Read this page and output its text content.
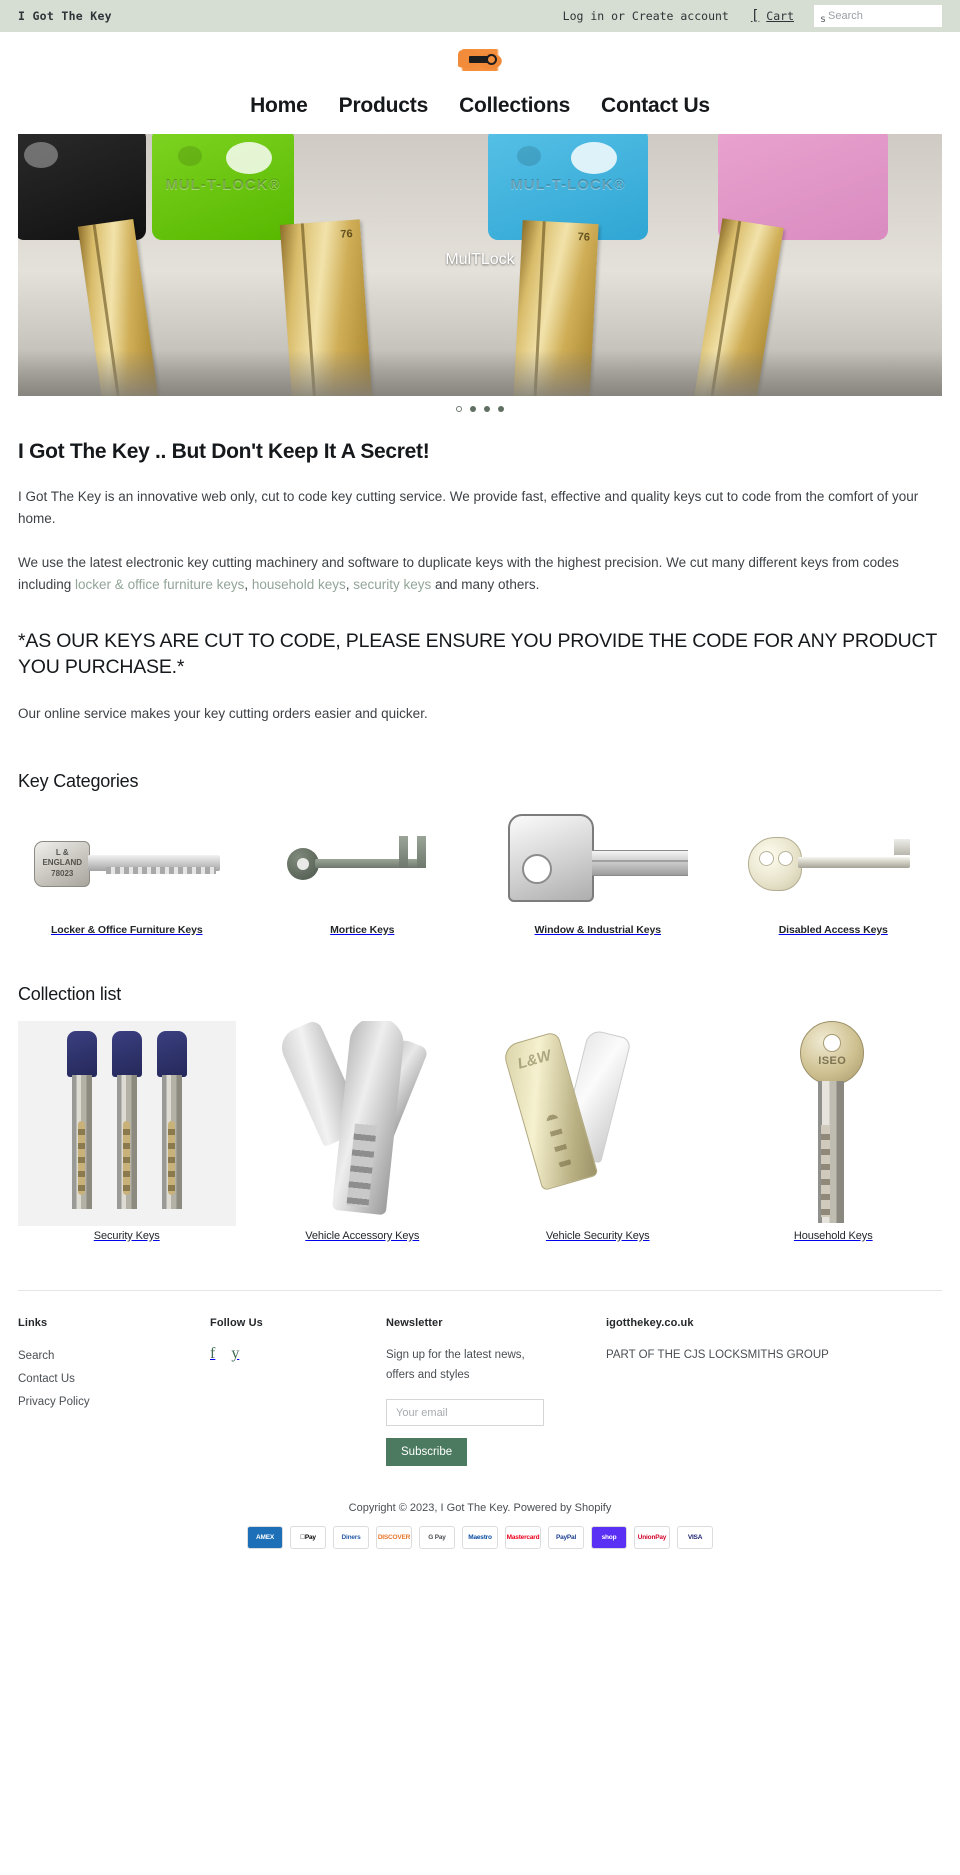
I Got The Key	Log in or Create account [ Cart	s
Search
Home Products Collections Contact Us
MUL-T-LOCK®	MUL-T-LOCK®
76	76
MulTLock
I Got The Key .. But Don't Keep It A Secret!

I Got The Key is an innovative web only, cut to code key cutting service. We provide fast, effective and quality keys cut to code from the comfort of your home.

We use the latest electronic key cutting machinery and software to duplicate keys with the highest precision. We cut many different keys from codes including locker & office furniture keys, household keys, security keys and many others.

*AS OUR KEYS ARE CUT TO CODE, PLEASE ENSURE YOU PROVIDE THE CODE FOR ANY PRODUCT YOU PURCHASE.*

Our online service makes your key cutting orders easier and quicker.

Key Categories
L &
ENGLAND
78023
Locker & Office Furniture Keys	Mortice Keys	Window & Industrial Keys	Disabled Access Keys
Collection list
Security Keys	Vehicle Accessory Keys
L&W
Vehicle Security Keys
ISEO
Household Keys
Links
Search
Contact Us
Privacy Policy
Follow Us
f y
Newsletter
Sign up for the latest news, offers and styles
Your email
Subscribe
igotthekey.co.uk
PART OF THE CJS LOCKSMITHS GROUP
Copyright © 2023, I Got The Key. Powered by Shopify
AMEX	Pay	Diners	DISCOVER	G Pay	Maestro	Mastercard	PayPal	shop	UnionPay	VISA
